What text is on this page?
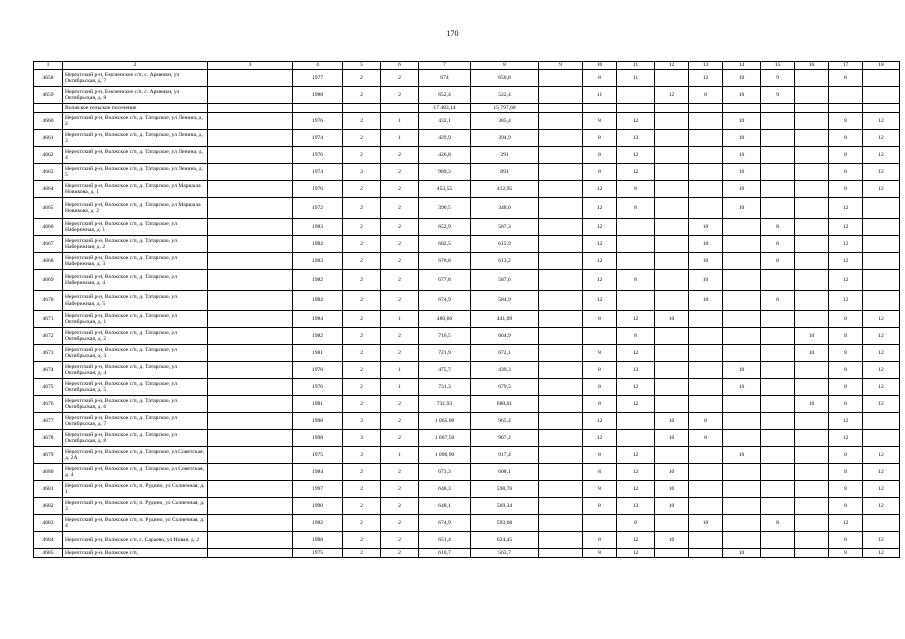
170
1	2	3	4	5	6	7	8	9	10	11	12	13	14	15	16	17	18
4658	Нерехтский р-н, Емсненское с/п, с. Арменки, ул Октябрьская, д. 7		1977	2	2	674	650,8		8	11		12	10	9		8	
4659	Нерехтский р-н, Емсненское с/п, с. Арменки, ул Октябрьская, д. 8		1988	2	2	652,4	522,4		11		12	8	10	9			
	Волжское сельское поселение					17 483,14	15 797,68										
4660	Нерехтский р-н, Волжское с/п, д. Татарское, ул Ленина, д. 2		1976	2	1	432,1	385,4		8	12			10			8	12
4661	Нерехтский р-н, Волжское с/п, д. Татарское, ул Ленина, д. 3		1974	2	1	429,9	394,9		8	12			10			8	12
4662	Нерехтский р-н, Волжское с/п, д. Татарское, ул Ленина, д. 4		1976	2	2	426,8	391		8	12			10			8	12
4663	Нерехтский р-н, Волжское с/п, д. Татарское, ул Ленина, д. 5		1974	3	2	989,3	891		8	12			10			8	12
4664	Нерехтский р-н, Волжское с/п, д. Татарское, ул Маршала Новикова, д. 1		1976	2	2	453,55	412,95		12	8			10			8	12
4665	Нерехтский р-н, Волжское с/п, д. Татарское, ул Маршала Новикова, д. 2		1972	2	2	390,5	348,6		12	8			10			12	
4666	Нерехтский р-н, Волжское с/п, д. Татарское, ул Набережная, д. 1		1983	2	2	652,9	587,3		12			10		8		12	
4667	Нерехтский р-н, Волжское с/п, д. Татарское, ул Набережная, д. 2		1982	2	2	682,5	615,9		12			10		8		12	
4668	Нерехтский р-н, Волжское с/п, д. Татарское, ул Набережная, д. 3		1983	2	2	678,8	613,2		12			10		8		12	
4669	Нерехтский р-н, Волжское с/п, д. Татарское, ул Набережная, д. 4		1982	2	2	677,8	587,6		12	8		10				12	
4670	Нерехтский р-н, Волжское с/п, д. Татарское, ул Набережная, д. 5		1982	2	2	674,9	584,9		12			10		8		12	
4671	Нерехтский р-н, Волжское с/п, д. Татарское, ул Октябрьская, д. 1		1984	2	1	480,66	441,09		8	12	10					8	12
4672	Нерехтский р-н, Волжское с/п, д. Татарское, ул Октябрьская, д. 2		1982	2	2	716,5	664,9			8					10	8	12
4673	Нерехтский р-н, Волжское с/п, д. Татарское, ул Октябрьская, д. 3		1981	2	2	721,9	672,1		8	12					10	8	12
4674	Нерехтский р-н, Волжское с/п, д. Татарское, ул Октябрьская, д. 4		1976	2	1	475,7	439,3		8	12			10			8	12
4675	Нерехтский р-н, Волжское с/п, д. Татарское, ул Октябрьская, д. 5		1976	2	1	731,3	679,5		8	12			10			8	12
4676	Нерехтский р-н, Волжское с/п, д. Татарское, ул Октябрьская, д. 6		1981	2	2	731,93	680,01		8	12					10	8	12
4677	Нерехтский р-н, Волжское с/п, д. Татарское, ул Октябрьская, д. 7		1998	3	2	1 065,00	965,4		12		10	8				12	
4678	Нерехтский р-н, Волжское с/п, д. Татарское, ул Октябрьская, д. 8		1998	3	2	1 067,50	967,2		12		10	8				12	
4679	Нерехтский р-н, Волжское с/п, д. Татарское, ул Советская, д. 2А		1975	3	1	1 096,90	917,4		8	12			10			8	12
4680	Нерехтский р-н, Волжское с/п, д. Татарское, ул Советская, д. 4		1984	2	2	673,3	608,1		8	12	10					8	12
4681	Нерехтский р-н, Волжское с/п, п. Рудино, ул Солнечная, д. 1		1997	2	2	648,3	598,76		8	12	10					8	12
4682	Нерехтский р-н, Волжское с/п, п. Рудино, ул Солнечная, д. 3		1990	2	2	648,1	569,34		8	12	10					8	12
4683	Нерехтский р-н, Волжское с/п, п. Рудино, ул Солнечная, д. 4		1982	2	2	674,9	593,68			8		10		8		12	
4684	Нерехтский р-н, Волжское с/п, с. Сараево, ул Новая, д. 2		1988	2	2	651,4	624,45		8	12	10					8	12
4685	Нерехтский р-н, Волжское с/п,		1975	2	2	610,7	563,7		8	12			10			8	12
